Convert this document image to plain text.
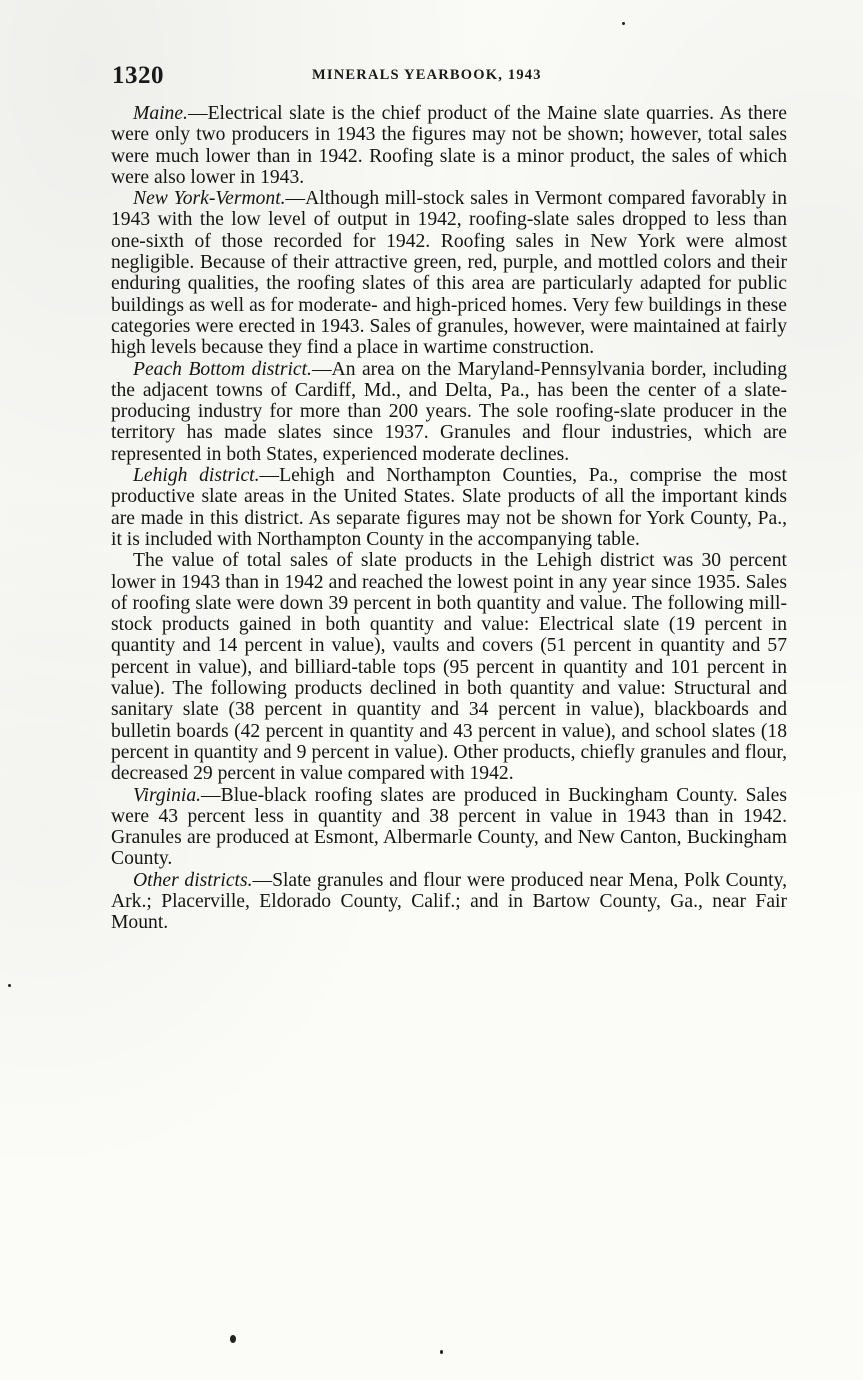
1320	MINERALS YEARBOOK, 1943

Maine.—Electrical slate is the chief product of the Maine slate quarries. As there were only two producers in 1943 the figures may not be shown; however, total sales were much lower than in 1942. Roofing slate is a minor product, the sales of which were also lower in 1943.

New York-Vermont.—Although mill-stock sales in Vermont compared favorably in 1943 with the low level of output in 1942, roofing-slate sales dropped to less than one-sixth of those recorded for 1942. Roofing sales in New York were almost negligible. Because of their attractive green, red, purple, and mottled colors and their enduring qualities, the roofing slates of this area are particularly adapted for public buildings as well as for moderate- and high-priced homes. Very few buildings in these categories were erected in 1943. Sales of granules, however, were maintained at fairly high levels because they find a place in wartime construction.

Peach Bottom district.—An area on the Maryland-Pennsylvania border, including the adjacent towns of Cardiff, Md., and Delta, Pa., has been the center of a slate-producing industry for more than 200 years. The sole roofing-slate producer in the territory has made slates since 1937. Granules and flour industries, which are represented in both States, experienced moderate declines.

Lehigh district.—Lehigh and Northampton Counties, Pa., comprise the most productive slate areas in the United States. Slate products of all the important kinds are made in this district. As separate figures may not be shown for York County, Pa., it is included with Northampton County in the accompanying table.

The value of total sales of slate products in the Lehigh district was 30 percent lower in 1943 than in 1942 and reached the lowest point in any year since 1935. Sales of roofing slate were down 39 percent in both quantity and value. The following mill-stock products gained in both quantity and value: Electrical slate (19 percent in quantity and 14 percent in value), vaults and covers (51 percent in quantity and 57 percent in value), and billiard-table tops (95 percent in quantity and 101 percent in value). The following products declined in both quantity and value: Structural and sanitary slate (38 percent in quantity and 34 percent in value), blackboards and bulletin boards (42 percent in quantity and 43 percent in value), and school slates (18 percent in quantity and 9 percent in value). Other products, chiefly granules and flour, decreased 29 percent in value compared with 1942.

Virginia.—Blue-black roofing slates are produced in Buckingham County. Sales were 43 percent less in quantity and 38 percent in value in 1943 than in 1942. Granules are produced at Esmont, Albermarle County, and New Canton, Buckingham County.

Other districts.—Slate granules and flour were produced near Mena, Polk County, Ark.; Placerville, Eldorado County, Calif.; and in Bartow County, Ga., near Fair Mount.
